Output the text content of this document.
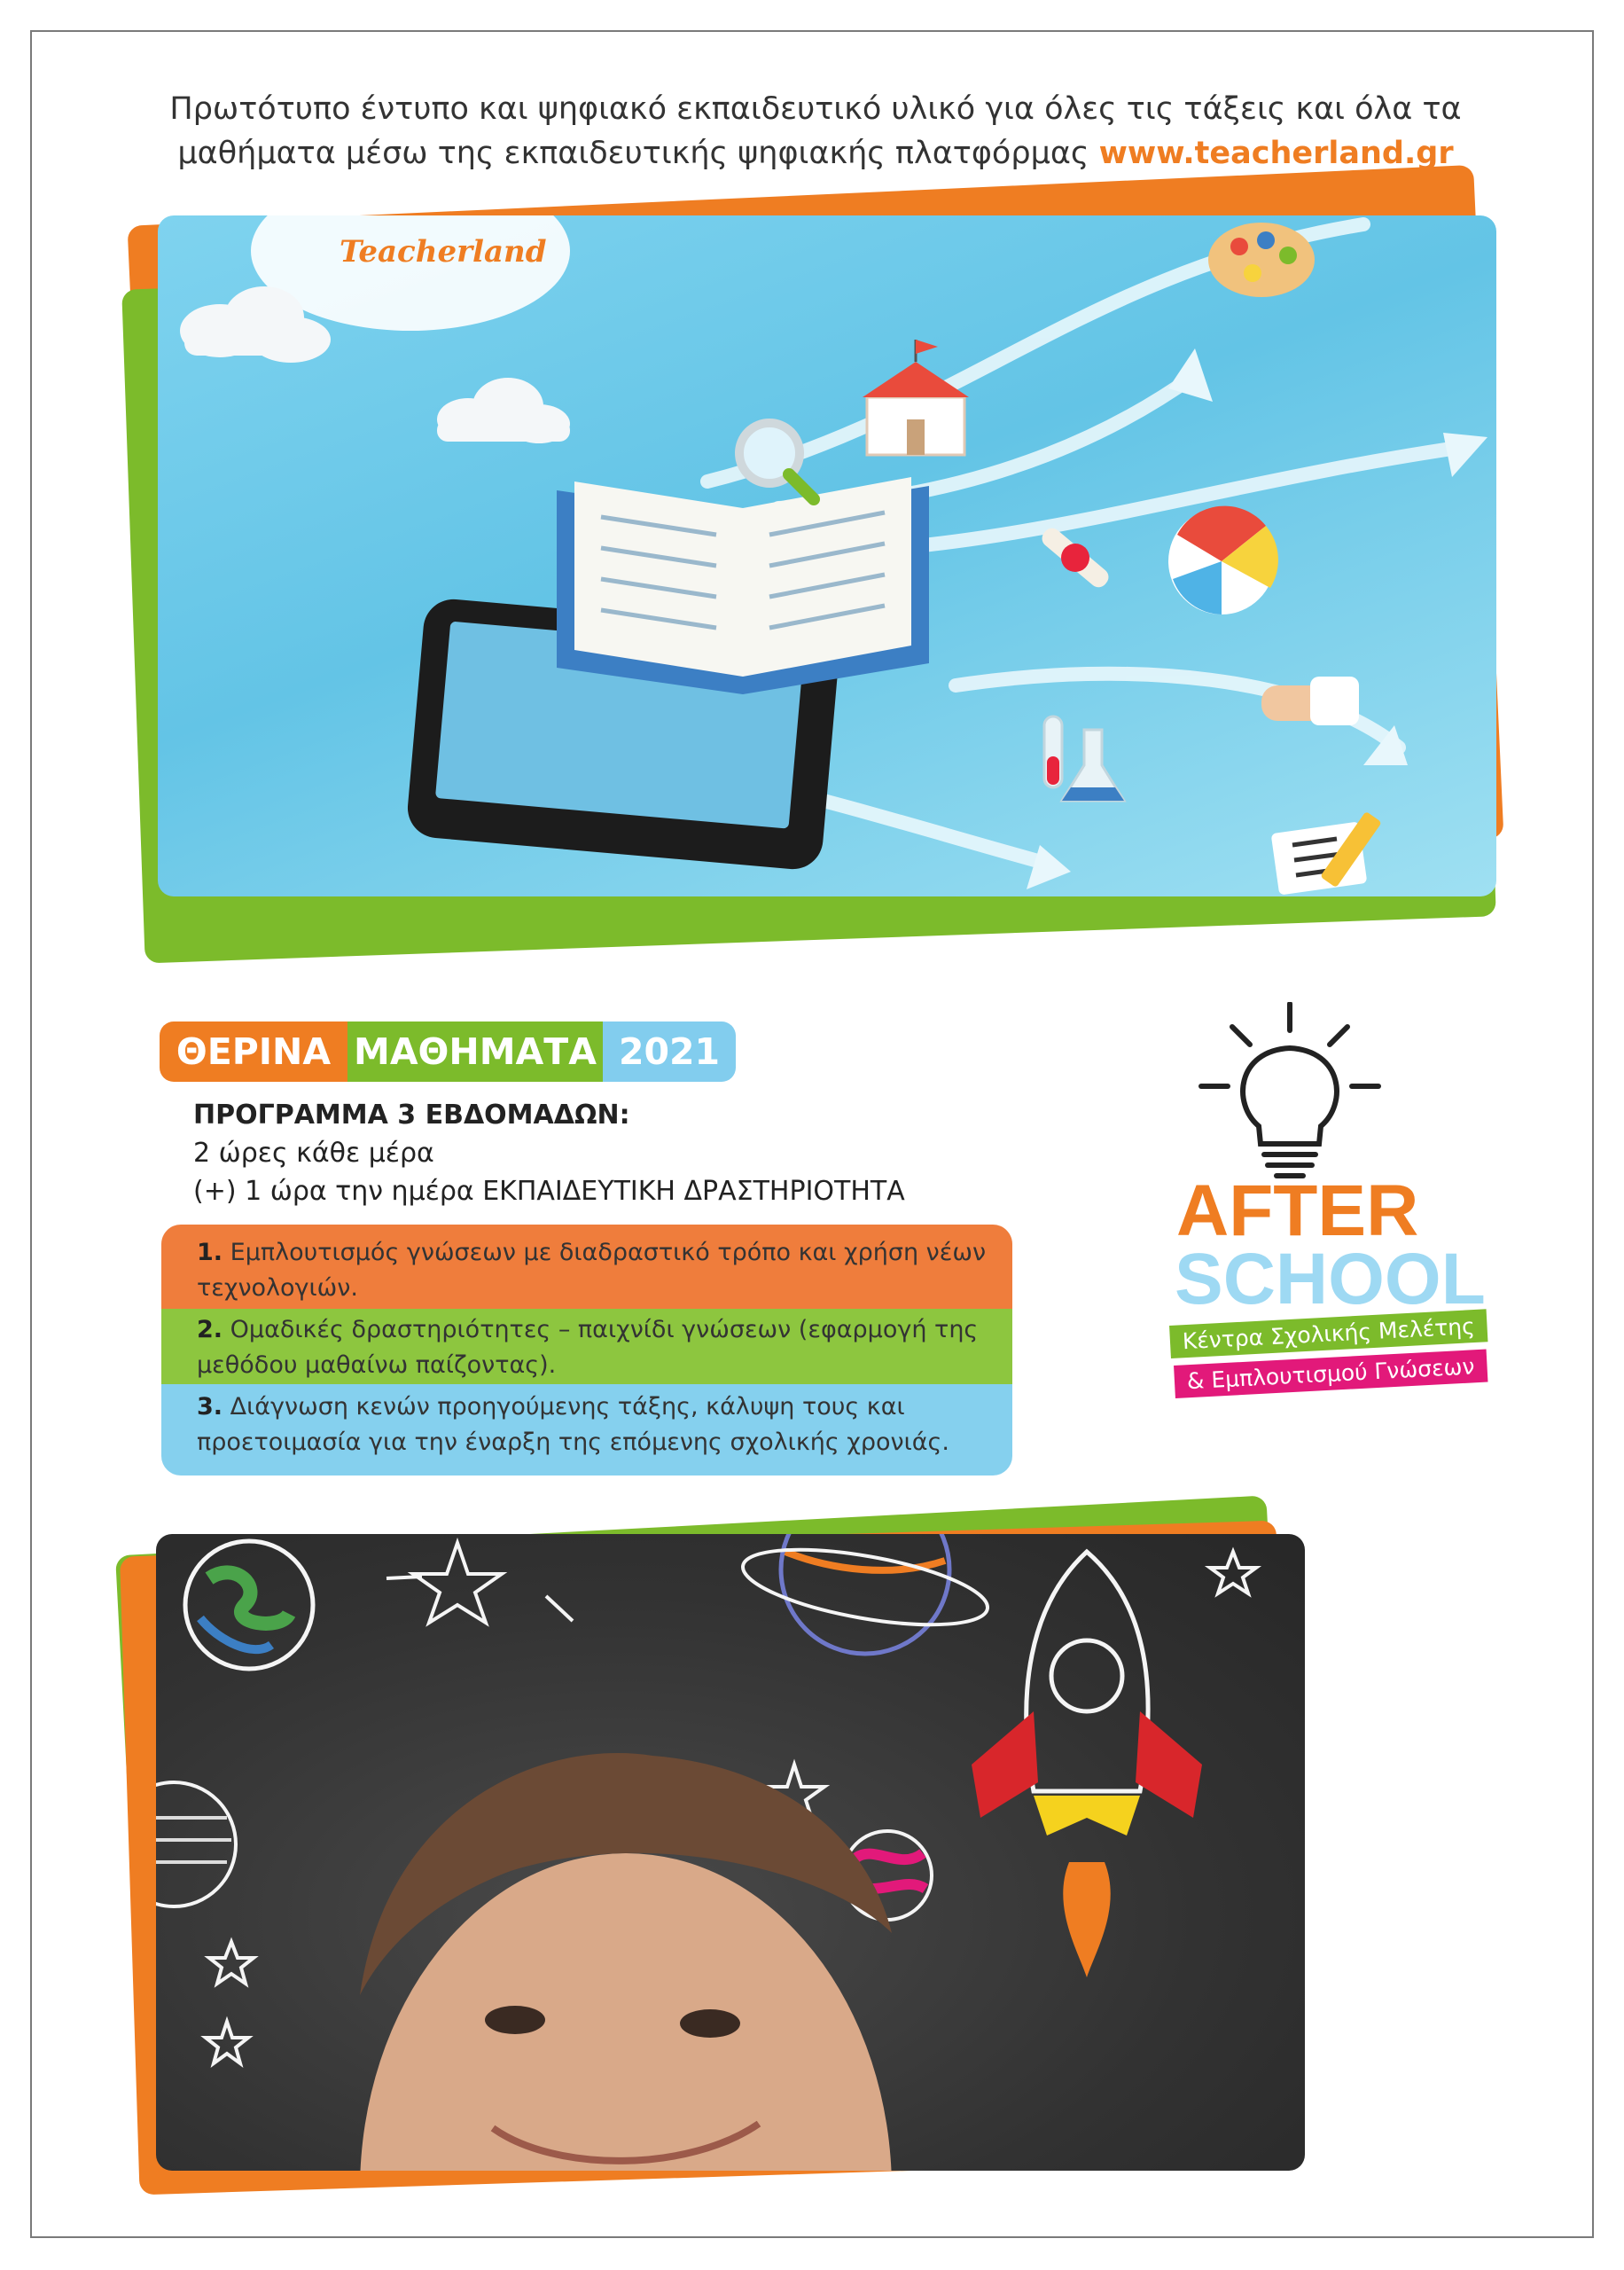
Πρωτότυπο έντυπο και ψηφιακό εκπαιδευτικό υλικό για όλες τις τάξεις και όλα τα μαθήματα μέσω της εκπαιδευτικής ψηφιακής πλατφόρμας www.teacherland.gr
Teacherland
ΘΕΡΙΝΑ ΜΑΘΗΜΑΤΑ 2021
ΠΡΟΓΡΑΜΜΑ 3 ΕΒΔΟΜΑΔΩΝ:
2 ώρες κάθε μέρα
(+) 1 ώρα την ημέρα ΕΚΠΑΙΔΕΥΤΙΚΗ ΔΡΑΣΤΗΡΙΟΤΗΤΑ
1. Εμπλουτισμός γνώσεων με διαδραστικό τρόπο και χρήση νέων τεχνολογιών.
2. Ομαδικές δραστηριότητες – παιχνίδι γνώσεων (εφαρμογή της μεθόδου μαθαίνω παίζοντας).
3. Διάγνωση κενών προηγούμενης τάξης, κάλυψη τους και προετοιμασία για την έναρξη της επόμενης σχολικής χρονιάς.
AFTER
SCHOOL
Κέντρα Σχολικής Μελέτης
& Εμπλουτισμού Γνώσεων
